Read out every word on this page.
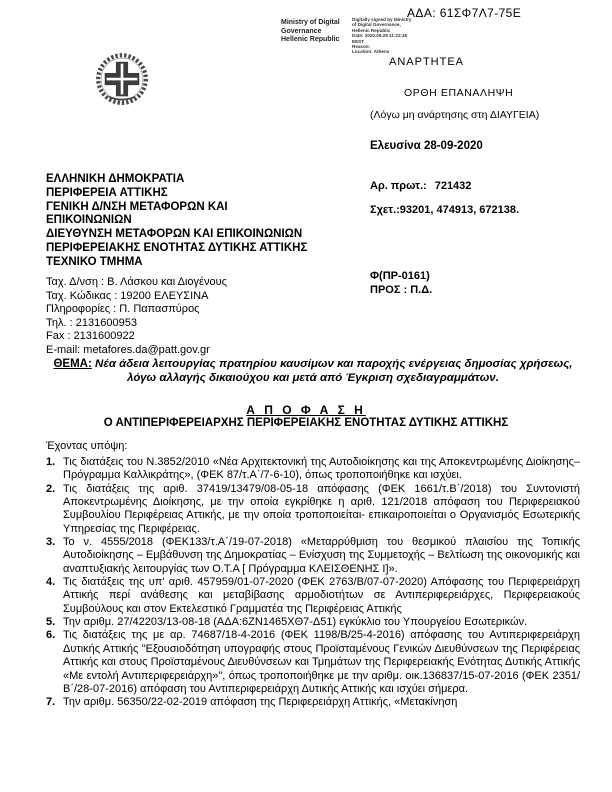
ΑΔΑ: 61ΣΦ7Λ7-75Ε
Ministry of Digital
Governance
Hellenic Republic
Digitally signed by Ministry
of Digital Governance,
Hellenic Republic
Date: 2020.09.28 11:22:35
EEST
Reason:
Location: Athens
ΑΝΑΡΤΗΤΕΑ
ΟΡΘΗ ΕΠΑΝΑΛΗΨΗ
(Λόγω μη ανάρτησης στη ΔΙΑΥΓΕΙΑ)
Ελευσίνα 28-09-2020
ΕΛΛΗΝΙΚΗ ΔΗΜΟΚΡΑΤΙΑ
ΠΕΡΙΦΕΡΕΙΑ ΑΤΤΙΚΗΣ
ΓΕΝΙΚΗ Δ/ΝΣΗ ΜΕΤΑΦΟΡΩΝ ΚΑΙ
ΕΠΙΚΟΙΝΩΝΙΩΝ
ΔΙΕΥΘΥΝΣΗ ΜΕΤΑΦΟΡΩΝ ΚΑΙ ΕΠΙΚΟΙΝΩΝΙΩΝ
ΠΕΡΙΦΕΡΕΙΑΚΗΣ ΕΝΟΤΗΤΑΣ ΔΥΤΙΚΗΣ ΑΤΤΙΚΗΣ
ΤΕΧΝΙΚΟ ΤΜΗΜΑ
Αρ. πρωτ.: 721432
Σχετ.:93201, 474913, 672138.
Φ(ΠΡ-0161)
ΠΡΟΣ : Π.Δ.
Ταχ. Δ/νση : Β. Λάσκου και Διογένους
Ταχ. Κώδικας : 19200 ΕΛΕΥΣΙΝΑ
Πληροφορίες : Π. Παπασπύρος
Τηλ. : 2131600953
Fax : 2131600922
E-mail: metafores.da@patt.gov.gr
ΘΕΜΑ: Νέα άδεια λειτουργίας πρατηρίου καυσίμων και παροχής ενέργειας δημοσίας χρήσεως, λόγω αλλαγής δικαιούχου και μετά από Έγκριση σχεδιαγραμμάτων.
Α Π Ο Φ Α Σ Η
Ο ΑΝΤΙΠΕΡΙΦΕΡΕΙΑΡΧΗΣ ΠΕΡΙΦΕΡΕΙΑΚΗΣ ΕΝΟΤΗΤΑΣ ΔΥΤΙΚΗΣ ΑΤΤΙΚΗΣ
Έχοντας υπόψη:
1. Τις διατάξεις του Ν.3852/2010 «Νέα Αρχιτεκτονική της Αυτοδιοίκησης και της Αποκεντρωμένης Διοίκησης– Πρόγραμμα Καλλικράτης», (ΦΕΚ 87/τ.Α΄/7-6-10), όπως τροποποιήθηκε και ισχύει.
2. Τις διατάξεις της αριθ. 37419/13479/08-05-18 απόφασης (ΦΕΚ 1661/τ.Β΄/2018) του Συντονιστή Αποκεντρωμένης Διοίκησης, με την οποία εγκρίθηκε η αριθ. 121/2018 απόφαση του Περιφερειακού Συμβουλίου Περιφέρειας Αττικής, με την οποία τροποποιείται- επικαιροποιείται ο Οργανισμός Εσωτερικής Υπηρεσίας της Περιφέρειας.
3. Το ν. 4555/2018 (ΦΕΚ133/τ.Α΄/19-07-2018) «Μεταρρύθμιση του θεσμικού πλαισίου της Τοπικής Αυτοδιοίκησης – Εμβάθυνση της Δημοκρατίας – Ενίσχυση της Συμμετοχής – Βελτίωση της οικονομικής και αναπτυξιακής λειτουργίας των Ο.Τ.Α [ Πρόγραμμα ΚΛΕΙΣΘΕΝΗΣ Ι]».
4. Τις διατάξεις της υπ' αριθ. 457959/01-07-2020 (ΦΕΚ 2763/Β/07-07-2020) Απόφασης του Περιφερειάρχη Αττικής περί ανάθεσης και μεταβίβασης αρμοδιοτήτων σε Αντιπεριφερειάρχες, Περιφερειακούς Συμβούλους και στον Εκτελεστικό Γραμματέα της Περιφέρειας Αττικής
5. Την αριθμ. 27/42203/13-08-18 (ΑΔΑ:6ΖΝ1465ΧΘ7-Δ51) εγκύκλιο του Υπουργείου Εσωτερικών.
6. Τις διατάξεις της με αρ. 74687/18-4-2016 (ΦΕΚ 1198/Β/25-4-2016) απόφασης του Αντιπεριφερειάρχη Δυτικής Αττικής "Εξουσιοδότηση υπογραφής στους Προϊσταμένους Γενικών Διευθύνσεων της Περιφέρειας Αττικής και στους Προϊσταμένους Διευθύνσεων και Τμημάτων της Περιφερειακής Ενότητας Δυτικής Αττικής «Με εντολή Αντιπεριφερειάρχη»", όπως τροποποιήθηκε με την αριθμ. οικ.136837/15-07-2016 (ΦΕΚ 2351/Β΄/28-07-2016) απόφαση του Αντιπεριφερειάρχη Δυτικής Αττικής και ισχύει σήμερα.
7. Την αριθμ. 56350/22-02-2019 απόφαση της Περιφερειάρχη Αττικής, «Μετακίνηση
